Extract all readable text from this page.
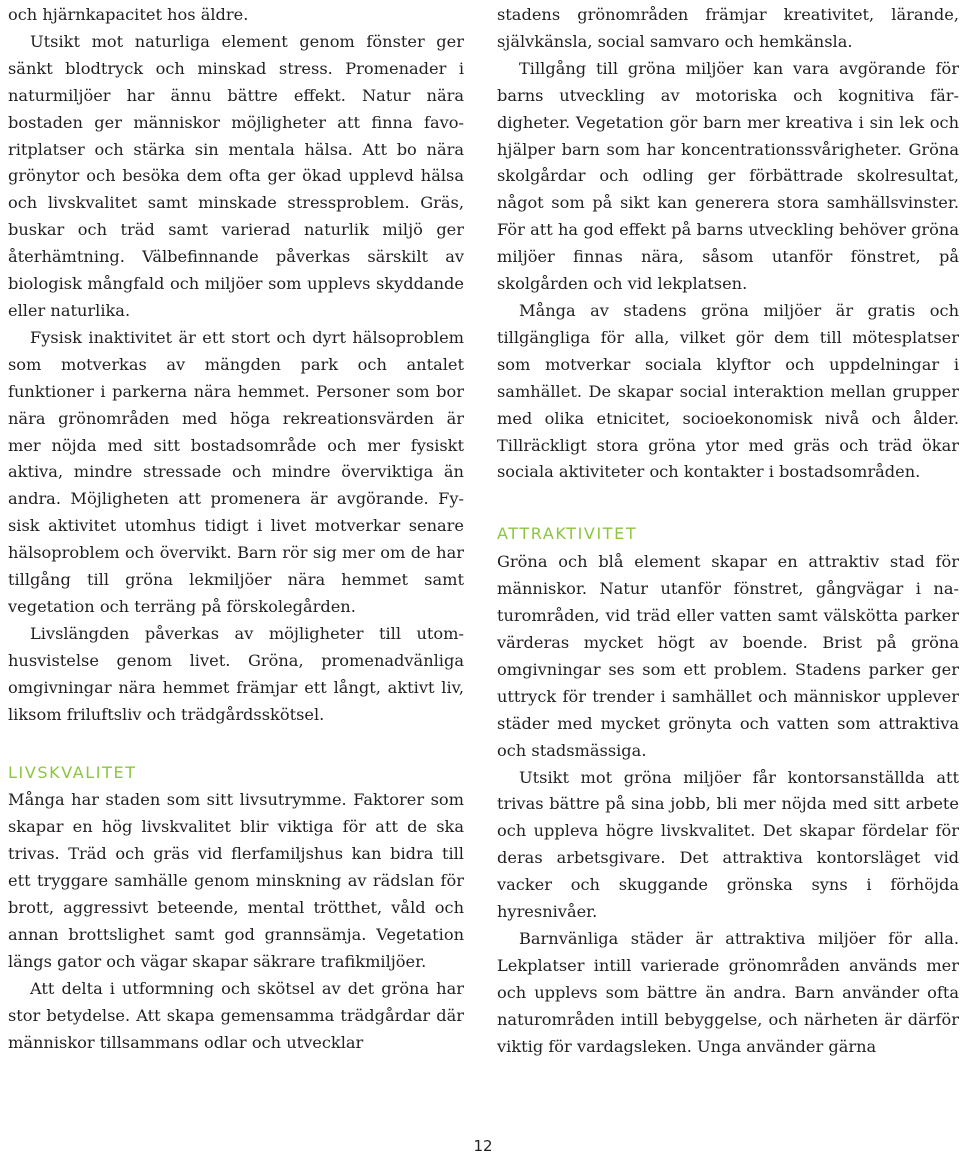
och hjärnkapacitet hos äldre.

Utsikt mot naturliga element genom fönster ger sänkt blodtryck och minskad stress. Promenader i naturmiljöer har ännu bättre effekt. Natur nära bostaden ger människor möjligheter att finna favoritplatser och stärka sin mentala hälsa. Att bo nära grönytor och besöka dem ofta ger ökad upplevd hälsa och livskvalitet samt minskade stressproblem. Gräs, buskar och träd samt varierad naturlik miljö ger återhämtning. Välbefinnande påverkas särskilt av biologisk mångfald och miljöer som upplevs skyddande eller naturlika.

Fysisk inaktivitet är ett stort och dyrt hälsoproblem som motverkas av mängden park och antalet funktioner i parkerna nära hemmet. Personer som bor nära grönområden med höga rekreationsvärden är mer nöjda med sitt bostadsområde och mer fysiskt aktiva, mindre stressade och mindre överviktiga än andra. Möjligheten att promenera är avgörande. Fysisk aktivitet utomhus tidigt i livet motverkar senare hälsoproblem och övervikt. Barn rör sig mer om de har tillgång till gröna lekmiljöer nära hemmet samt vegetation och terräng på förskolegården.

Livslängden påverkas av möjligheter till utomhusvistelse genom livet. Gröna, promenadvänliga omgivningar nära hemmet främjar ett långt, aktivt liv, liksom friluftsliv och trädgårdsskötsel.

LIVSKVALITET

Många har staden som sitt livsutrymme. Faktorer som skapar en hög livskvalitet blir viktiga för att de ska trivas. Träd och gräs vid flerfamiljshus kan bidra till ett tryggare samhälle genom minskning av rädslan för brott, aggressivt beteende, mental trötthet, våld och annan brottslighet samt god grannsämja. Vegetation längs gator och vägar skapar säkrare trafikmiljöer.

Att delta i utformning och skötsel av det gröna har stor betydelse. Att skapa gemensamma trädgårdar där människor tillsammans odlar och utvecklar

stadens grönområden främjar kreativitet, lärande, självkänsla, social samvaro och hemkänsla.

Tillgång till gröna miljöer kan vara avgörande för barns utveckling av motoriska och kognitiva färdigheter. Vegetation gör barn mer kreativa i sin lek och hjälper barn som har koncentrationssvårigheter. Gröna skolgårdar och odling ger förbättrade skolresultat, något som på sikt kan generera stora samhällsvinster. För att ha god effekt på barns utveckling behöver gröna miljöer finnas nära, såsom utanför fönstret, på skolgården och vid lekplatsen.

Många av stadens gröna miljöer är gratis och tillgängliga för alla, vilket gör dem till mötesplatser som motverkar sociala klyftor och uppdelningar i samhället. De skapar social interaktion mellan grupper med olika etnicitet, socioekonomisk nivå och ålder. Tillräckligt stora gröna ytor med gräs och träd ökar sociala aktiviteter och kontakter i bostadsområden.

ATTRAKTIVITET

Gröna och blå element skapar en attraktiv stad för människor. Natur utanför fönstret, gångvägar i naturområden, vid träd eller vatten samt välskötta parker värderas mycket högt av boende. Brist på gröna omgivningar ses som ett problem. Stadens parker ger uttryck för trender i samhället och människor upplever städer med mycket grönyta och vatten som attraktiva och stadsmässiga.

Utsikt mot gröna miljöer får kontorsanställda att trivas bättre på sina jobb, bli mer nöjda med sitt arbete och uppleva högre livskvalitet. Det skapar fördelar för deras arbetsgivare. Det attraktiva kontorsläget vid vacker och skuggande grönska syns i förhöjda hyresnivåer.

Barnvänliga städer är attraktiva miljöer för alla. Lekplatser intill varierade grönområden används mer och upplevs som bättre än andra. Barn använder ofta naturområden intill bebyggelse, och närheten är därför viktig för vardagsleken. Unga använder gärna

12
